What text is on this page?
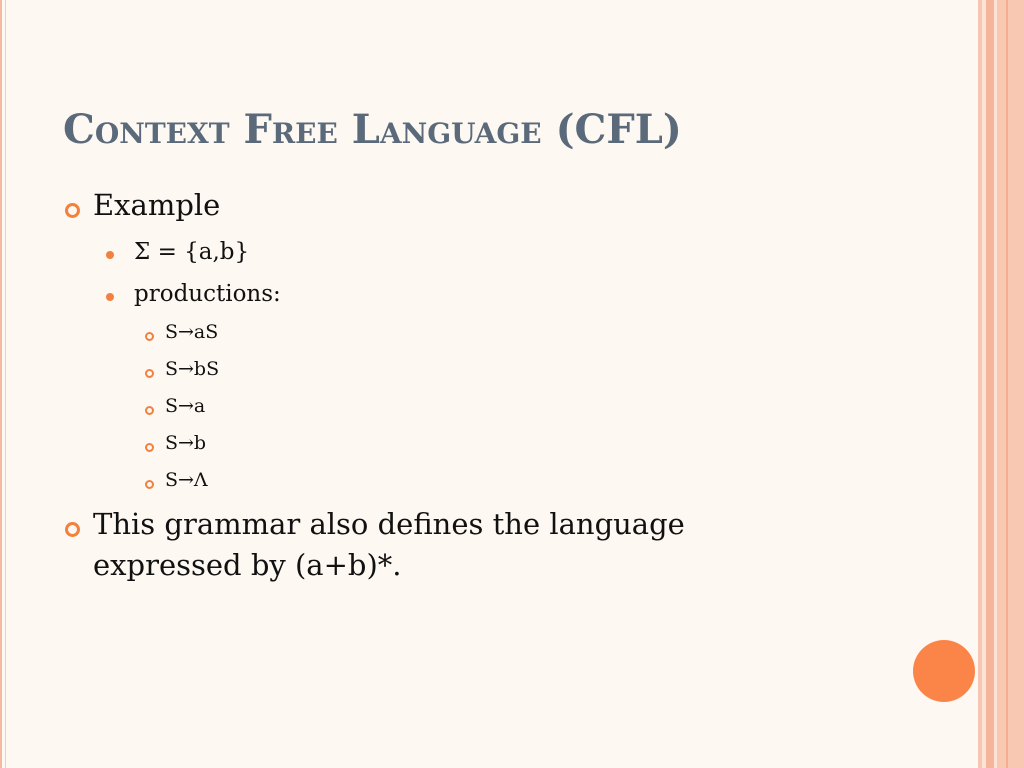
Context Free Language (CFL)
Example
Σ = {a,b}
productions:
S→aS
S→bS
S→a
S→b
S→Λ
This grammar also defines the language
expressed by (a+b)*.
